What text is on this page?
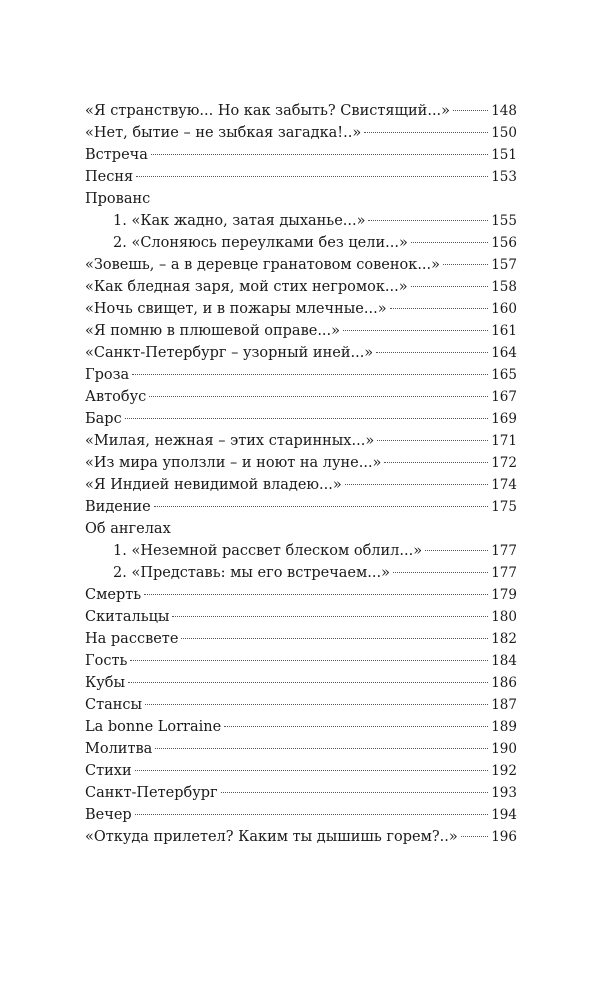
«Я странствую... Но как забыть? Свистящий...»	148
«Нет, бытие – не зыбкая загадка!..»	150
Встреча	151
Песня	153
Прованс
1. «Как жадно, затая дыханье...»	155
2. «Слоняюсь переулками без цели...»	156
«Зовешь, – а в деревце гранатовом совенок...»	157
«Как бледная заря, мой стих негромок...»	158
«Ночь свищет, и в пожары млечные...»	160
«Я помню в плюшевой оправе...»	161
«Санкт-Петербург – узорный иней...»	164
Гроза	165
Автобус	167
Барс	169
«Милая, нежная – этих старинных...»	171
«Из мира уползли – и ноют на луне...»	172
«Я Индией невидимой владею...»	174
Видение	175
Об ангелах
1. «Неземной рассвет блеском облил...»	177
2. «Представь: мы его встречаем...»	177
Смерть	179
Скитальцы	180
На рассвете	182
Гость	184
Кубы	186
Стансы	187
La bonne Lorraine	189
Молитва	190
Стихи	192
Санкт-Петербург	193
Вечер	194
«Откуда прилетел? Каким ты дышишь горем?..» 196
